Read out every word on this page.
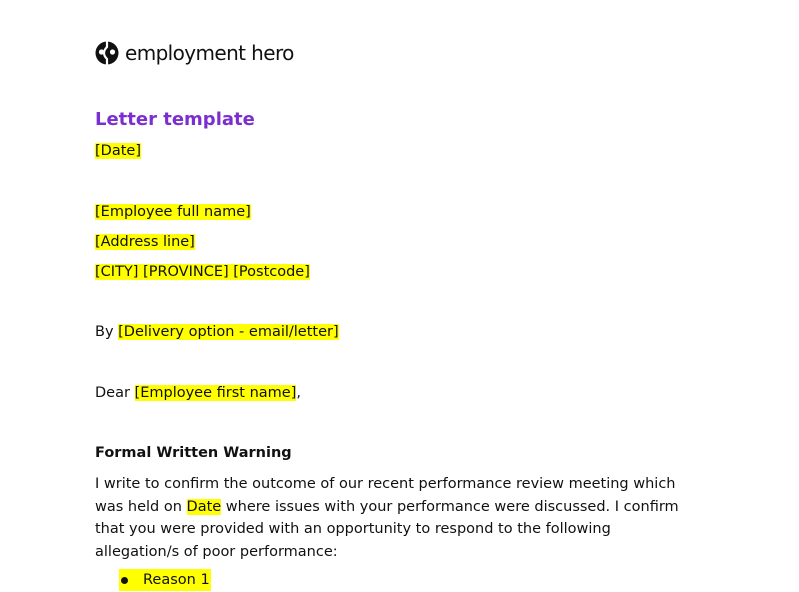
employment hero
Letter template
[Date]
[Employee full name]
[Address line]
[CITY] [PROVINCE] [Postcode]
By [Delivery option - email/letter]
Dear [Employee first name],
Formal Written Warning
I write to confirm the outcome of our recent performance review meeting which was held on Date where issues with your performance were discussed. I confirm that you were provided with an opportunity to respond to the following allegation/s of poor performance:
Reason 1
